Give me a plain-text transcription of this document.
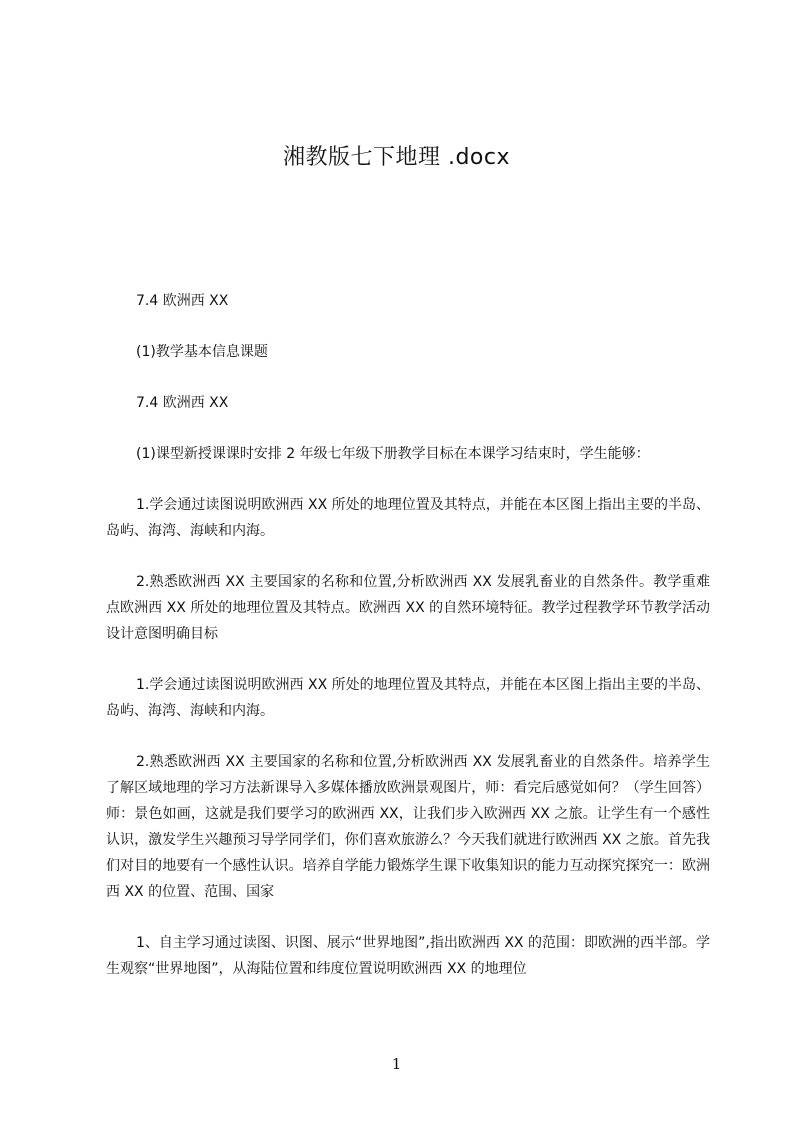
湘教版七下地理 .docx

7.4 欧洲西 XX

(1)教学基本信息课题

7.4 欧洲西 XX

(1)课型新授课课时安排 2 年级七年级下册教学目标在本课学习结束时，学生能够：

1.学会通过读图说明欧洲西 XX 所处的地理位置及其特点，并能在本区图上指出主要的半岛、岛屿、海湾、海峡和内海。

2.熟悉欧洲西 XX 主要国家的名称和位置,分析欧洲西 XX 发展乳畜业的自然条件。教学重难点欧洲西 XX 所处的地理位置及其特点。欧洲西 XX 的自然环境特征。教学过程教学环节教学活动设计意图明确目标

1.学会通过读图说明欧洲西 XX 所处的地理位置及其特点，并能在本区图上指出主要的半岛、岛屿、海湾、海峡和内海。

2.熟悉欧洲西 XX 主要国家的名称和位置,分析欧洲西 XX 发展乳畜业的自然条件。培养学生了解区域地理的学习方法新课导入多媒体播放欧洲景观图片，师：看完后感觉如何？（学生回答）师：景色如画，这就是我们要学习的欧洲西 XX，让我们步入欧洲西 XX 之旅。让学生有一个感性认识，激发学生兴趣预习导学同学们，你们喜欢旅游么？今天我们就进行欧洲西 XX 之旅。首先我们对目的地要有一个感性认识。培养自学能力锻炼学生课下收集知识的能力互动探究探究一：欧洲西 XX 的位置、范围、国家

1、自主学习通过读图、识图、展示“世界地图”,指出欧洲西 XX 的范围：即欧洲的西半部。学生观察“世界地图”，从海陆位置和纬度位置说明欧洲西 XX 的地理位

1
